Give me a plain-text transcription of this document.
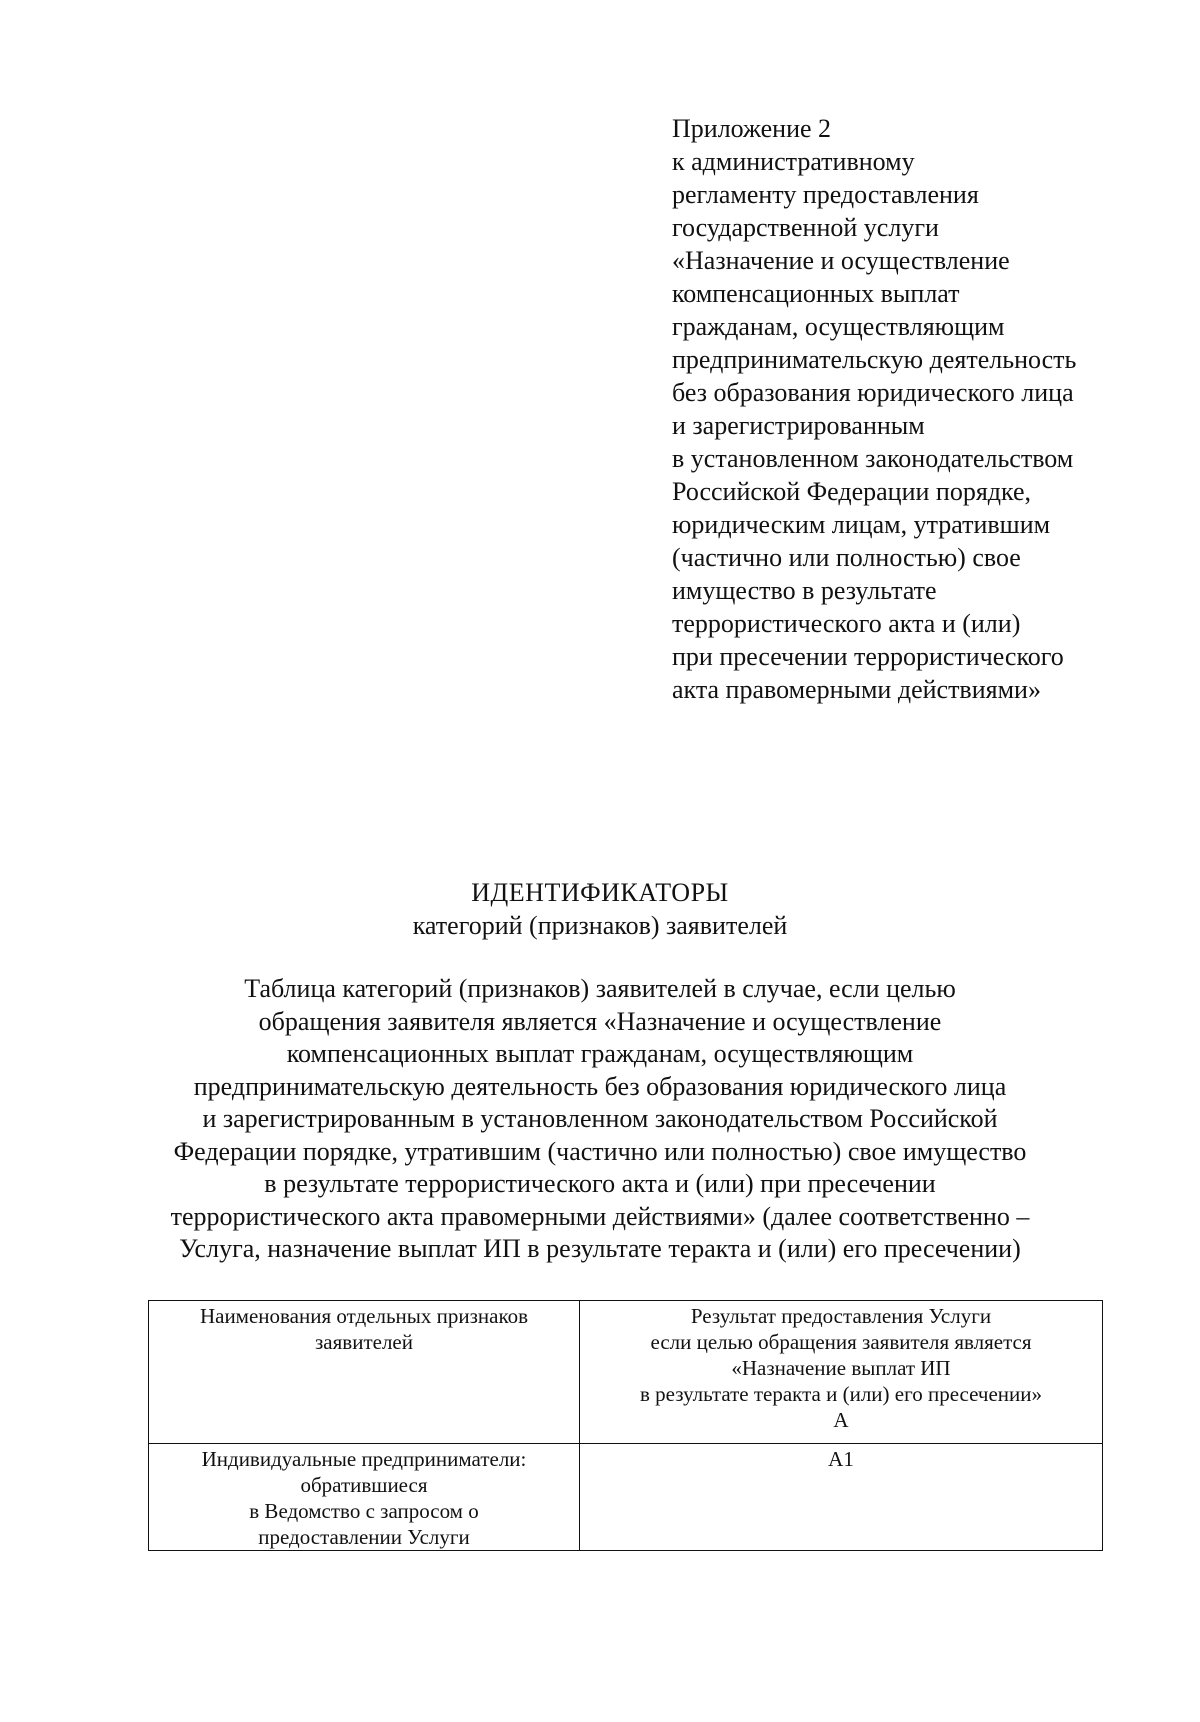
Приложение 2
к административному
регламенту предоставления
государственной услуги
«Назначение и осуществление
компенсационных выплат
гражданам, осуществляющим
предпринимательскую деятельность
без образования юридического лица
и зарегистрированным
в установленном законодательством
Российской Федерации порядке,
юридическим лицам, утратившим
(частично или полностью) свое
имущество в результате
террористического акта и (или)
при пресечении террористического
акта правомерными действиями»
ИДЕНТИФИКАТОРЫ
категорий (признаков) заявителей
Таблица категорий (признаков) заявителей в случае, если целью
обращения заявителя является «Назначение и осуществление
компенсационных выплат гражданам, осуществляющим
предпринимательскую деятельность без образования юридического лица
и зарегистрированным в установленном законодательством Российской
Федерации порядке, утратившим (частично или полностью) свое имущество
в результате террористического акта и (или) при пресечении
террористического акта правомерными действиями» (далее соответственно –
Услуга, назначение выплат ИП в результате теракта и (или) его пресечении)
Наименования отдельных признаков
заявителей	Результат предоставления Услуги
если целью обращения заявителя является
«Назначение выплат ИП
в результате теракта и (или) его пресечении»
А

Индивидуальные предприниматели:
обратившиеся
в Ведомство с запросом о
предоставлении Услуги	А1
